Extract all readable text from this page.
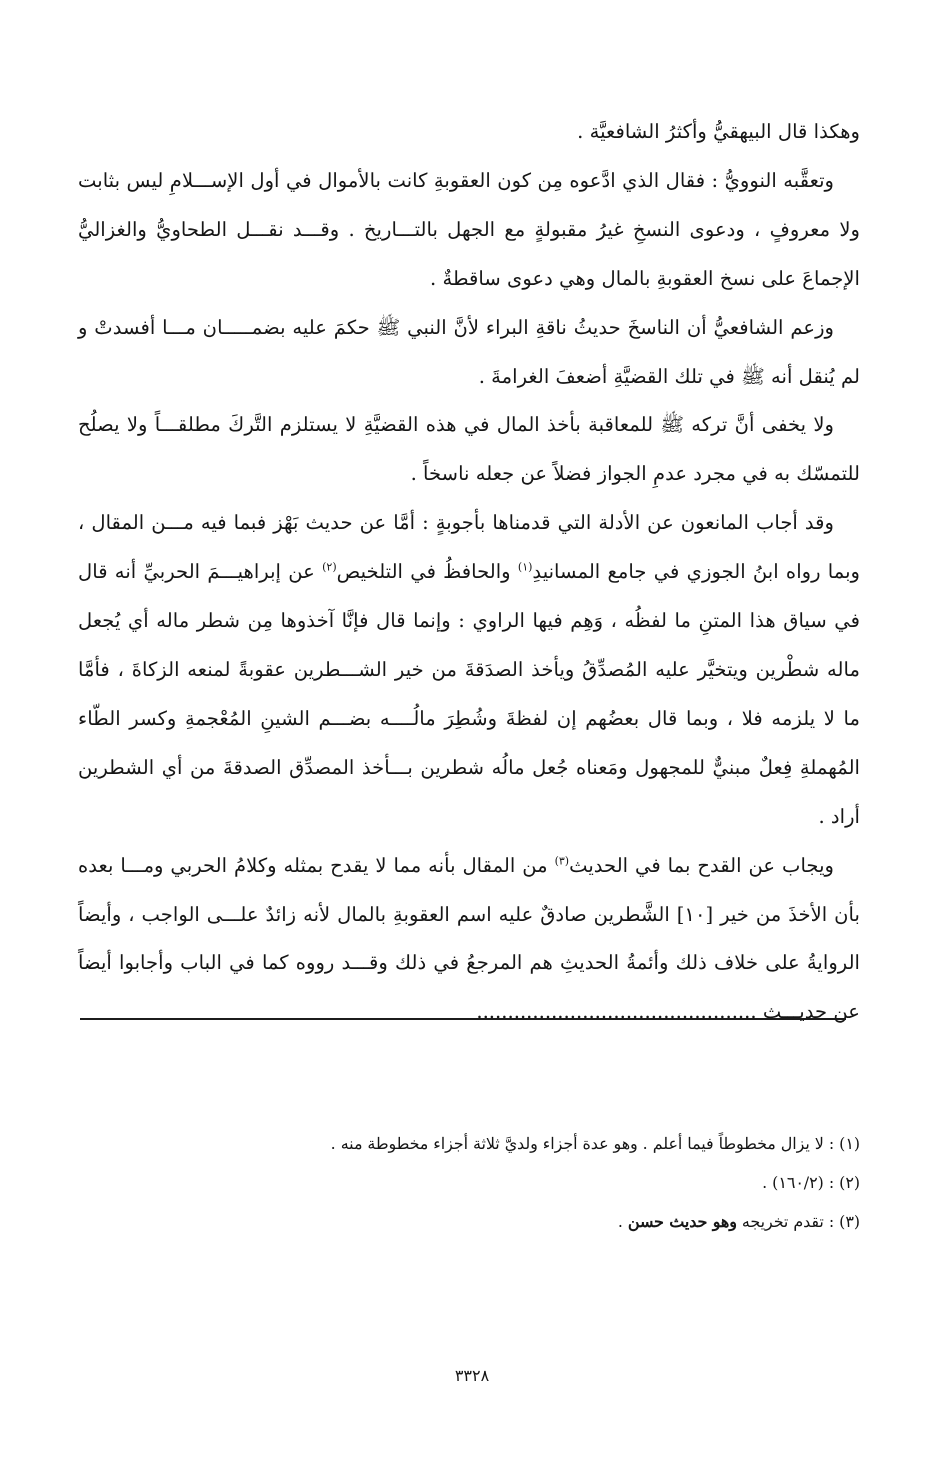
وهكذا قال البيهقيُّ وأكثرُ الشافعيَّة .

وتعقَّبه النوويُّ : فقال الذي ادَّعوه مِن كون العقوبةِ كانت بالأموال في أول الإســـلامِ ليس بثابت ولا معروفٍ ، ودعوى النسخِ غيرُ مقبولةٍ مع الجهل بالتـــاريخ . وقـــد نقـــل الطحاويُّ والغزاليُّ الإجماعَ على نسخ العقوبةِ بالمال وهي دعوى ساقطةٌ .

وزعم الشافعيُّ أن الناسخَ حديثُ ناقةِ البراء لأنَّ النبي ﷺ حكمَ عليه بضمـــــان مـــا أفسدتْ و لم يُنقل أنه ﷺ في تلك القضيَّةِ أضعفَ الغرامةَ .

ولا يخفى أنَّ تركه ﷺ للمعاقبة بأخذ المال في هذه القضيَّةِ لا يستلزم التَّركَ مطلقـــاً ولا يصلُح للتمسّك به في مجرد عدمِ الجواز فضلاً عن جعله ناسخاً .

وقد أجاب المانعون عن الأدلة التي قدمناها بأجوبةٍ : أمَّا عن حديث بَهْز فبما فيه مـــن المقال ، وبما رواه ابنُ الجوزي في جامع المسانيدِ$^{(١)}$ والحافظُ في التلخيص$^{(٢)}$ عن إبراهيـــمَ الحربيِّ أنه قال في سياق هذا المتنِ ما لفظُه ، وَهِم فيها الراوي : وإنما قال فإنَّا آخذوها مِن شطر ماله أي يُجعل ماله شطْرين ويتخيَّر عليه المُصدِّقُ ويأخذ الصدَقةَ من خير الشـــطرين عقوبةً لمنعه الزكاةَ ، فأمَّا ما لا يلزمه فلا ، وبما قال بعضُهم إن لفظةَ وشُطِرَ مالُــــه بضـــم الشينِ المُعْجمةِ وكسر الطّاء المُهملةِ فِعلٌ مبنيٌّ للمجهول ومَعناه جُعل مالُه شطرين بـــأخذ المصدِّق الصدقةَ من أي الشطرين أراد .

ويجاب عن القدح بما في الحديث$^{(٣)}$ من المقال بأنه مما لا يقدح بمثله وكلامُ الحربي ومـــا بعده بأن الأخذَ من خير [١٠] الشَّطرين صادقٌ عليه اسم العقوبةِ بالمال لأنه زائدٌ علـــى الواجب ، وأيضاً الروايةُ على خلاف ذلك وأئمةُ الحديثِ هم المرجعُ في ذلك وقـــد رووه كما في الباب وأجابوا أيضاً عن حديـــث .............................................

(١) : لا يزال مخطوطاً فيما أعلم . وهو عدة أجزاء ولديَّ ثلاثة أجزاء مخطوطة منه .
(٢) : (١٦٠/٢) .
(٣) : تقدم تخريجه وهو حديث حسن .
٣٣٢٨
